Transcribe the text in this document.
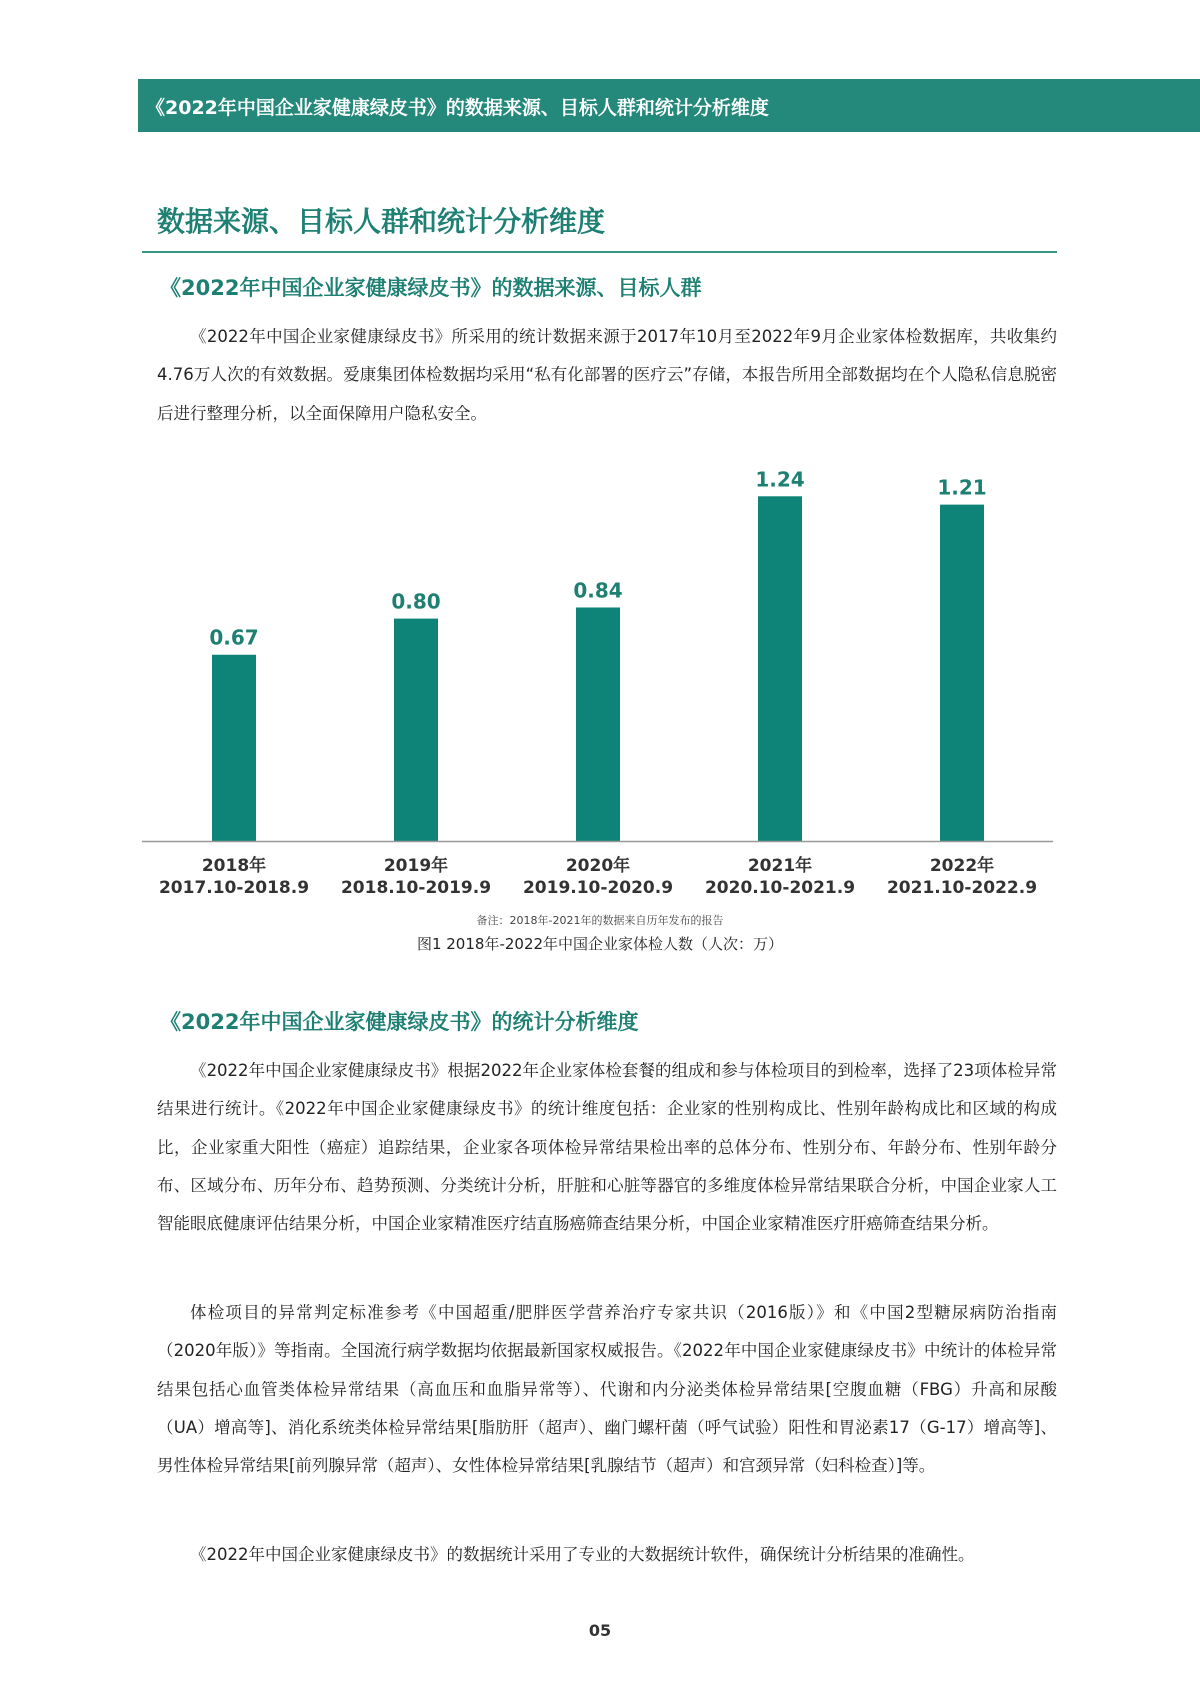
《2022年中国企业家健康绿皮书》的数据来源、目标人群和统计分析维度
数据来源、目标人群和统计分析维度
《2022年中国企业家健康绿皮书》的数据来源、目标人群

《2022年中国企业家健康绿皮书》所采用的统计数据来源于2017年10月至2022年9月企业家体检数据库，共收集约4.76万人次的有效数据。爱康集团体检数据均采用“私有化部署的医疗云”存储，本报告所用全部数据均在个人隐私信息脱密后进行整理分析，以全面保障用户隐私安全。

0.67
2018年
2017.10-2018.9
0.80
2019年
2018.10-2019.9
0.84
2020年
2019.10-2020.9
1.24
2021年
2020.10-2021.9
1.21
2022年
2021.10-2022.9
备注：2018年-2021年的数据来自历年发布的报告
图1 2018年-2022年中国企业家体检人数（人次：万）
《2022年中国企业家健康绿皮书》的统计分析维度

《2022年中国企业家健康绿皮书》根据2022年企业家体检套餐的组成和参与体检项目的到检率，选择了23项体检异常结果进行统计。《2022年中国企业家健康绿皮书》的统计维度包括：企业家的性别构成比、性别年龄构成比和区域的构成比，企业家重大阳性（癌症）追踪结果，企业家各项体检异常结果检出率的总体分布、性别分布、年龄分布、性别年龄分布、区域分布、历年分布、趋势预测、分类统计分析，肝脏和心脏等器官的多维度体检异常结果联合分析，中国企业家人工智能眼底健康评估结果分析，中国企业家精准医疗结直肠癌筛查结果分析，中国企业家精准医疗肝癌筛查结果分析。

体检项目的异常判定标准参考《中国超重/肥胖医学营养治疗专家共识（2016版）》和《中国2型糖尿病防治指南（2020年版）》等指南。全国流行病学数据均依据最新国家权威报告。《2022年中国企业家健康绿皮书》中统计的体检异常结果包括心血管类体检异常结果（高血压和血脂异常等）、代谢和内分泌类体检异常结果[空腹血糖（FBG）升高和尿酸（UA）增高等]、消化系统类体检异常结果[脂肪肝（超声）、幽门螺杆菌（呼气试验）阳性和胃泌素17（G-17）增高等]、男性体检异常结果[前列腺异常（超声）、女性体检异常结果[乳腺结节（超声）和宫颈异常（妇科检查）]等。

《2022年中国企业家健康绿皮书》的数据统计采用了专业的大数据统计软件，确保统计分析结果的准确性。

05
